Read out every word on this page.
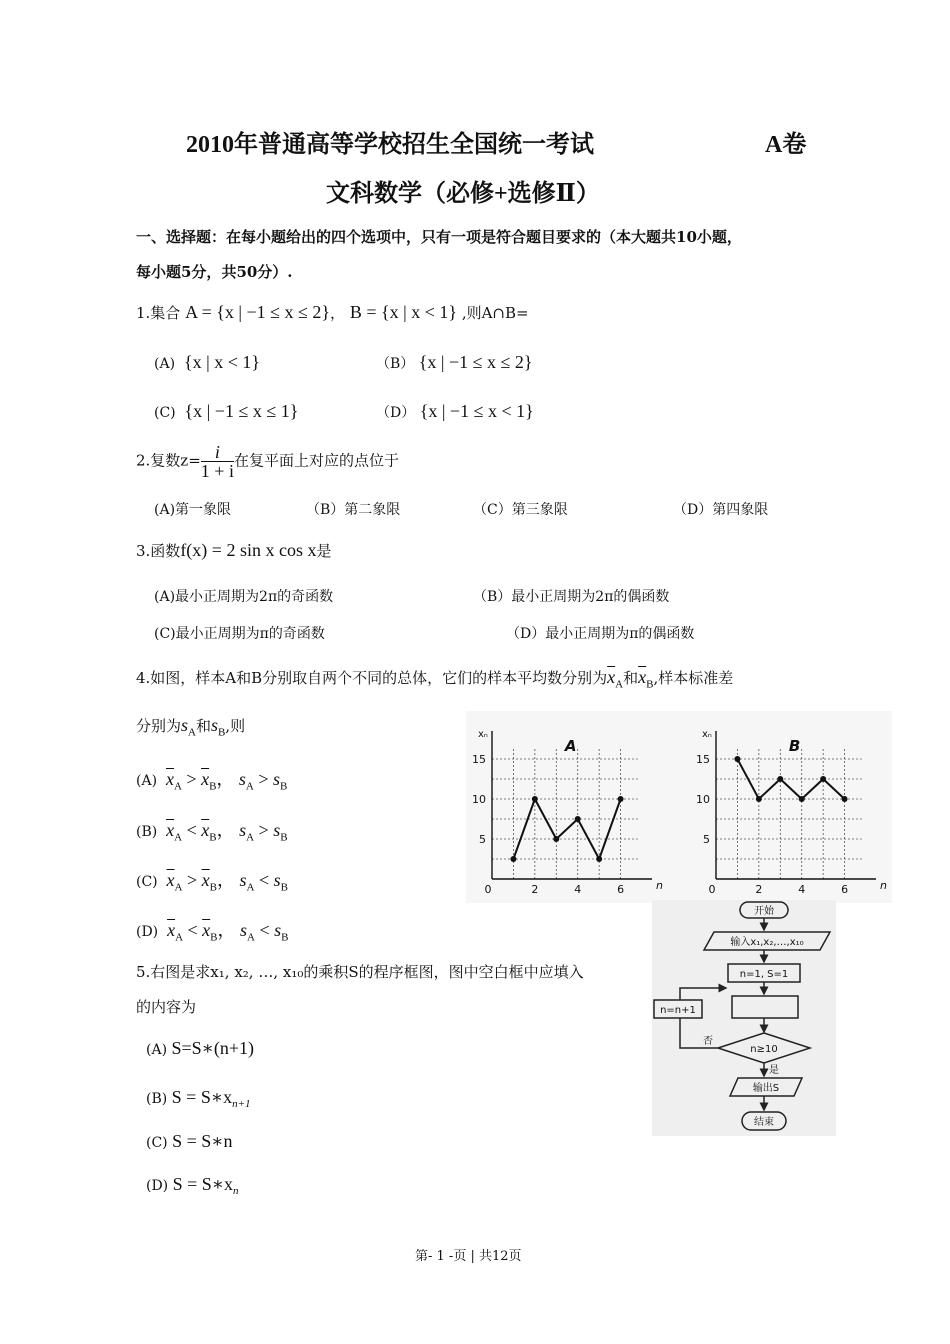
2010年普通高等学校招生全国统一考试	A卷
文科数学（必修+选修Ⅱ）
一、选择题：在每小题给出的四个选项中，只有一项是符合题目要求的（本大题共10小题，
每小题5分，共50分）.
1.集合 A = {x | −1 ≤ x ≤ 2}， B = {x | x < 1} ,则A∩B=
(A) {x | x < 1}	（B） {x | −1 ≤ x ≤ 2}
(C) {x | −1 ≤ x ≤ 1}	（D） {x | −1 ≤ x < 1}
2.复数$z= \frac{i}{1 + i}$ 在复平面上对应的点位于
(A)第一象限	（B）第二象限	（C）第三象限	（D）第四象限
3.函数f(x) = 2 sin x cos x是
(A)最小正周期为2π的奇函数	（B）最小正周期为2π的偶函数
(C)最小正周期为π的奇函数	（D）最小正周期为π的偶函数
4.如图，样本A和B分别取自两个不同的总体，它们的样本平均数分别为$\overline{x}_A$和$\overline{x}_B$,样本标准差
分别为$s_A$和$s_B$,则
(A) $\overline{x}_A > \overline{x}_B$， $s_A > s_B$
(B) $\overline{x}_A < \overline{x}_B$， $s_A > s_B$
(C) $\overline{x}_A > \overline{x}_B$， $s_A < s_B$
(D) $\overline{x}_A < \overline{x}_B$， $s_A < s_B$
0	2	4	6
5
10
15
xₙ
n
A
0	2	4	6
5
10
15
xₙ
n
B
5.右图是求x₁, x₂, …, x₁₀的乘积S的程序框图，图中空白框中应填入
的内容为
(A) S=S∗(n+1)
(B) $S = S∗x_{n+1}$
(C) S = S∗n
(D) $S = S∗x_n$
开始
输入x₁,x₂,…,x₁₀
n=1, S=1
n≥10
输出S
结束
n=n+1
否
是
第- 1 -页 | 共12页
